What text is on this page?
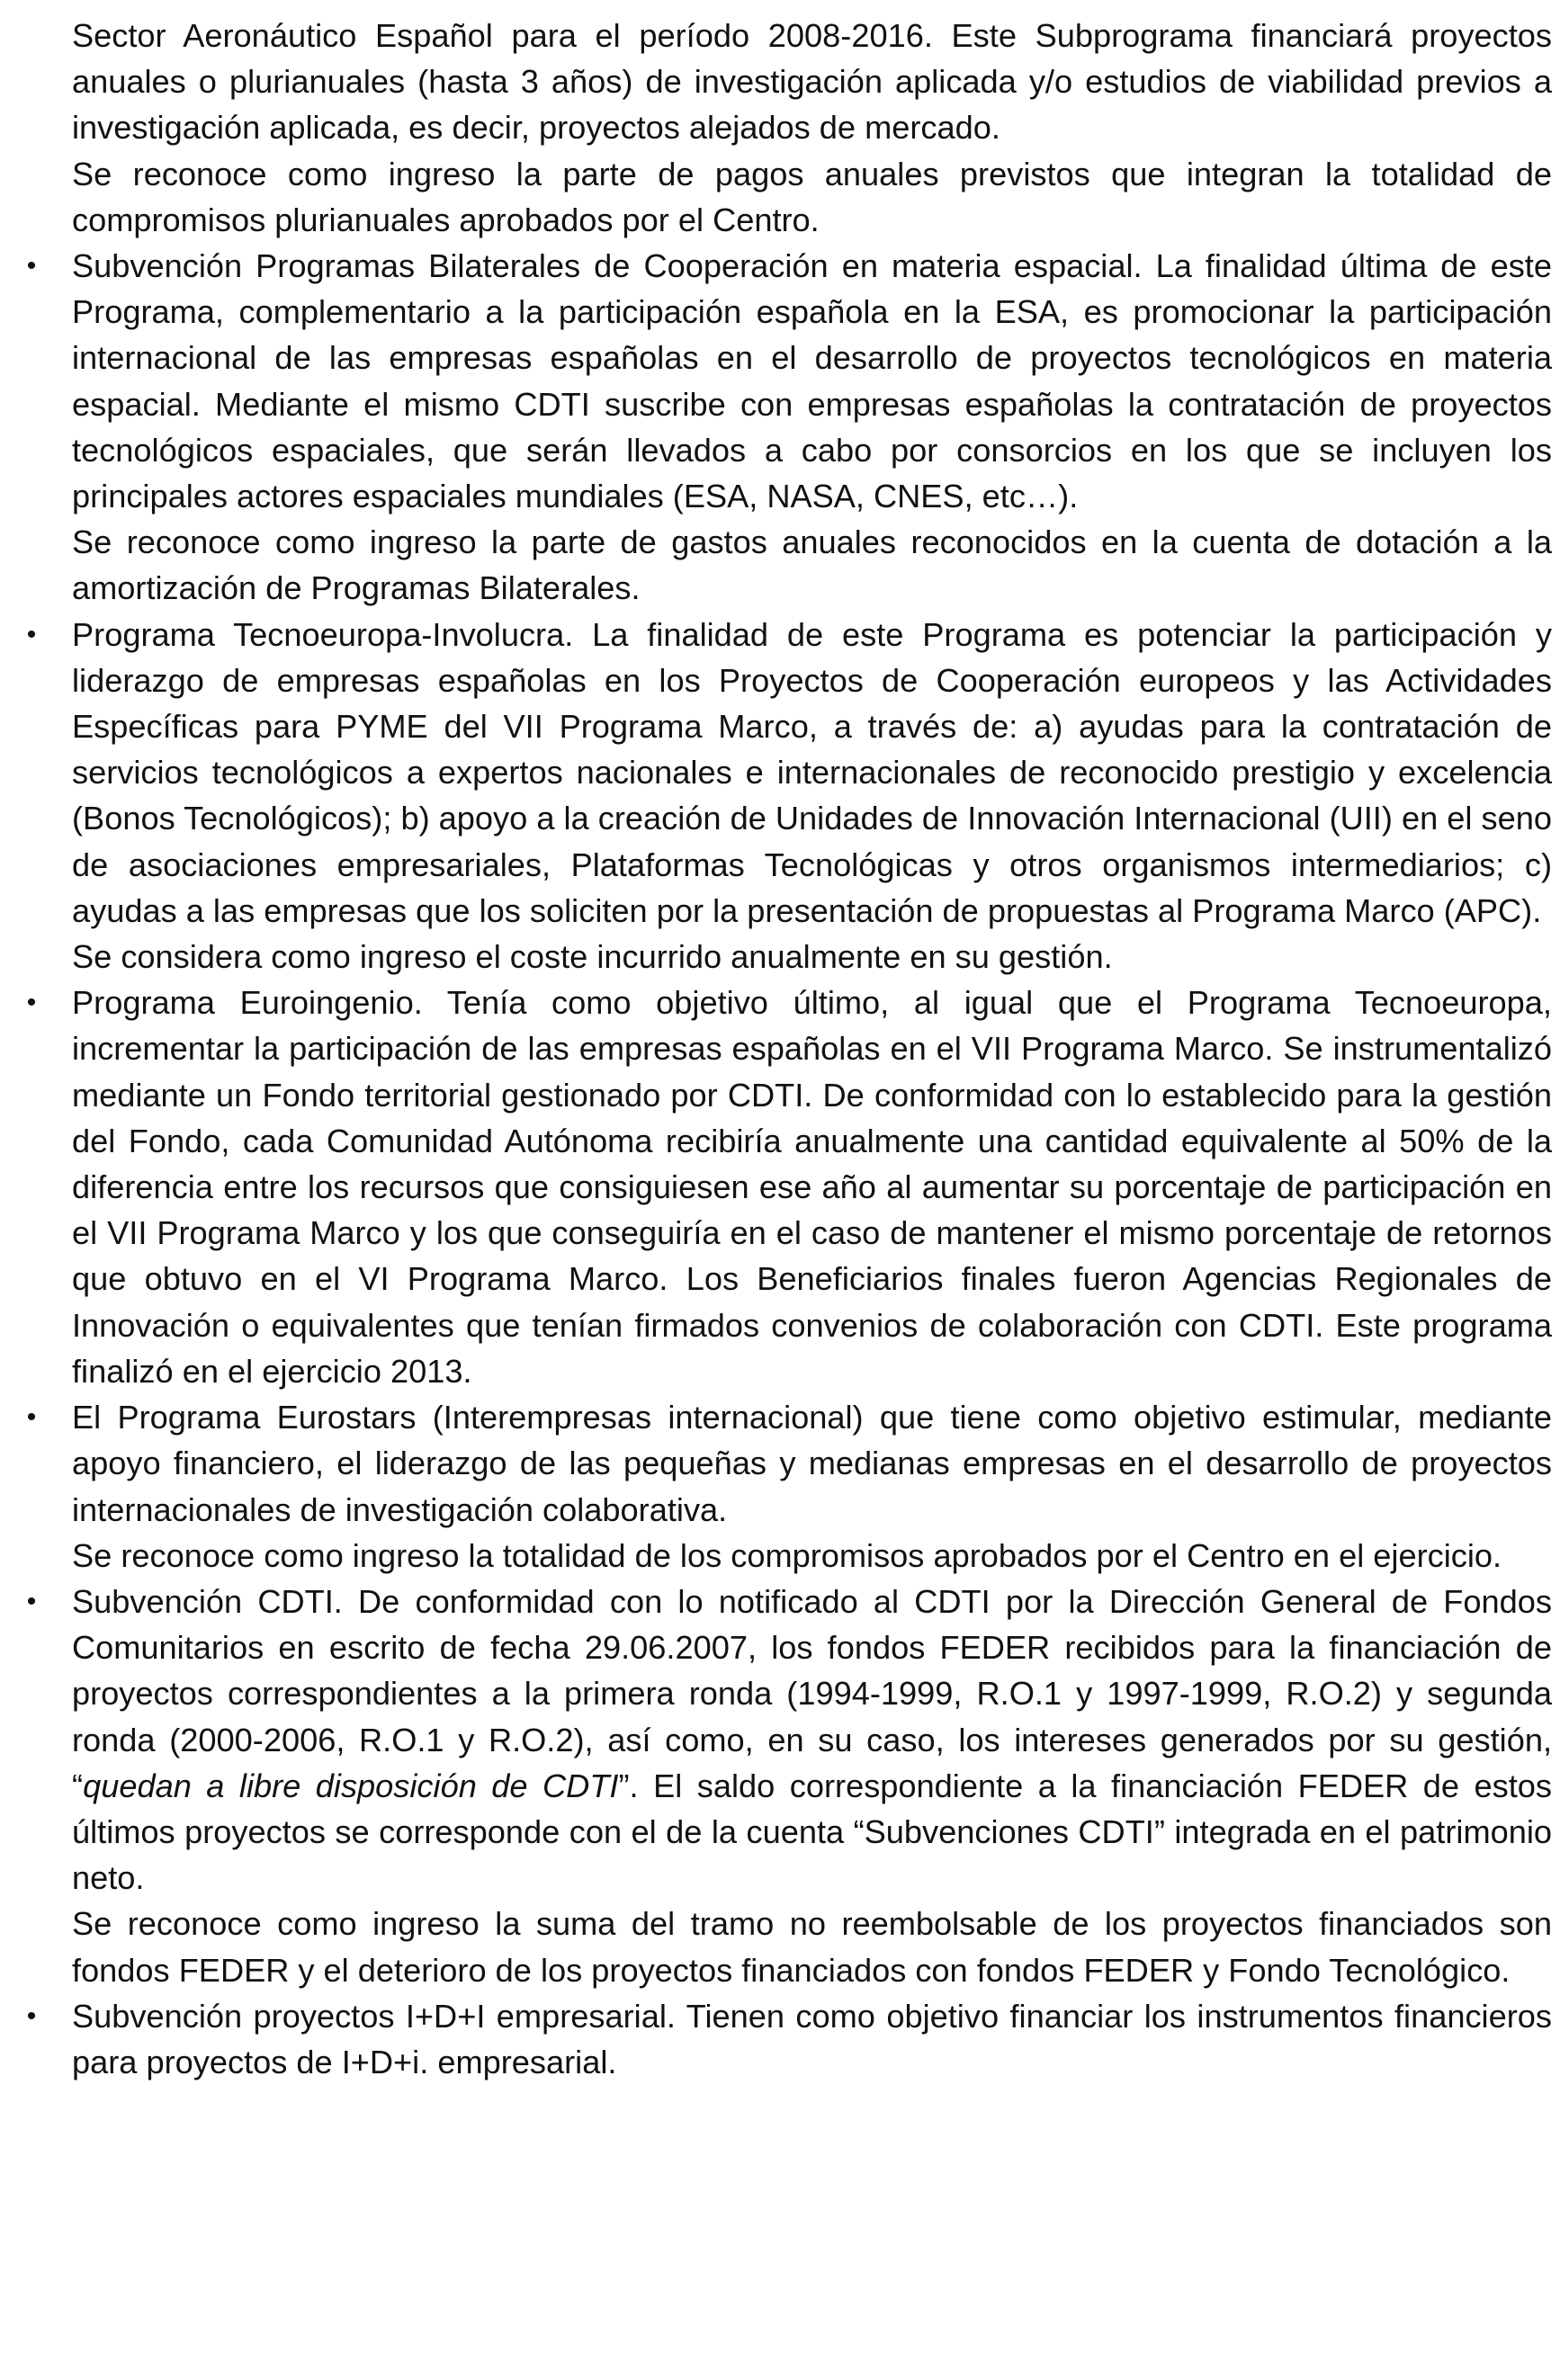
Sector Aeronáutico Español para el período 2008-2016. Este Subprograma financiará proyectos anuales o plurianuales (hasta 3 años) de investigación aplicada y/o estudios de viabilidad previos a investigación aplicada, es decir, proyectos alejados de mercado.

Se reconoce como ingreso la parte de pagos anuales previstos que integran la totalidad de compromisos plurianuales aprobados por el Centro.

• Subvención Programas Bilaterales de Cooperación en materia espacial. La finalidad última de este Programa, complementario a la participación española en la ESA, es promocionar la participación internacional de las empresas españolas en el desarrollo de proyectos tecnológicos en materia espacial. Mediante el mismo CDTI suscribe con empresas españolas la contratación de proyectos tecnológicos espaciales, que serán llevados a cabo por consorcios en los que se incluyen los principales actores espaciales mundiales (ESA, NASA, CNES, etc…).

Se reconoce como ingreso la parte de gastos anuales reconocidos en la cuenta de dotación a la amortización de Programas Bilaterales.

• Programa Tecnoeuropa-Involucra. La finalidad de este Programa es potenciar la participación y liderazgo de empresas españolas en los Proyectos de Cooperación europeos y las Actividades Específicas para PYME del VII Programa Marco, a través de: a) ayudas para la contratación de servicios tecnológicos a expertos nacionales e internacionales de reconocido prestigio y excelencia (Bonos Tecnológicos); b) apoyo a la creación de Unidades de Innovación Internacional (UII) en el seno de asociaciones empresariales, Plataformas Tecnológicas y otros organismos intermediarios; c) ayudas a las empresas que los soliciten por la presentación de propuestas al Programa Marco (APC).

Se considera como ingreso el coste incurrido anualmente en su gestión.

• Programa Euroingenio. Tenía como objetivo último, al igual que el Programa Tecnoeuropa, incrementar la participación de las empresas españolas en el VII Programa Marco. Se instrumentalizó mediante un Fondo territorial gestionado por CDTI. De conformidad con lo establecido para la gestión del Fondo, cada Comunidad Autónoma recibiría anualmente una cantidad equivalente al 50% de la diferencia entre los recursos que consiguiesen ese año al aumentar su porcentaje de participación en el VII Programa Marco y los que conseguiría en el caso de mantener el mismo porcentaje de retornos que obtuvo en el VI Programa Marco. Los Beneficiarios finales fueron Agencias Regionales de Innovación o equivalentes que tenían firmados convenios de colaboración con CDTI. Este programa finalizó en el ejercicio 2013.

• El Programa Eurostars (Interempresas internacional) que tiene como objetivo estimular, mediante apoyo financiero, el liderazgo de las pequeñas y medianas empresas en el desarrollo de proyectos internacionales de investigación colaborativa.

Se reconoce como ingreso la totalidad de los compromisos aprobados por el Centro en el ejercicio.

• Subvención CDTI. De conformidad con lo notificado al CDTI por la Dirección General de Fondos Comunitarios en escrito de fecha 29.06.2007, los fondos FEDER recibidos para la financiación de proyectos correspondientes a la primera ronda (1994-1999, R.O.1 y 1997-1999, R.O.2) y segunda ronda (2000-2006, R.O.1 y R.O.2), así como, en su caso, los intereses generados por su gestión, “quedan a libre disposición de CDTI”. El saldo correspondiente a la financiación FEDER de estos últimos proyectos se corresponde con el de la cuenta “Subvenciones CDTI” integrada en el patrimonio neto.

Se reconoce como ingreso la suma del tramo no reembolsable de los proyectos financiados son fondos FEDER y el deterioro de los proyectos financiados con fondos FEDER y Fondo Tecnológico.

• Subvención proyectos I+D+I empresarial. Tienen como objetivo financiar los instrumentos financieros para proyectos de I+D+i. empresarial.
